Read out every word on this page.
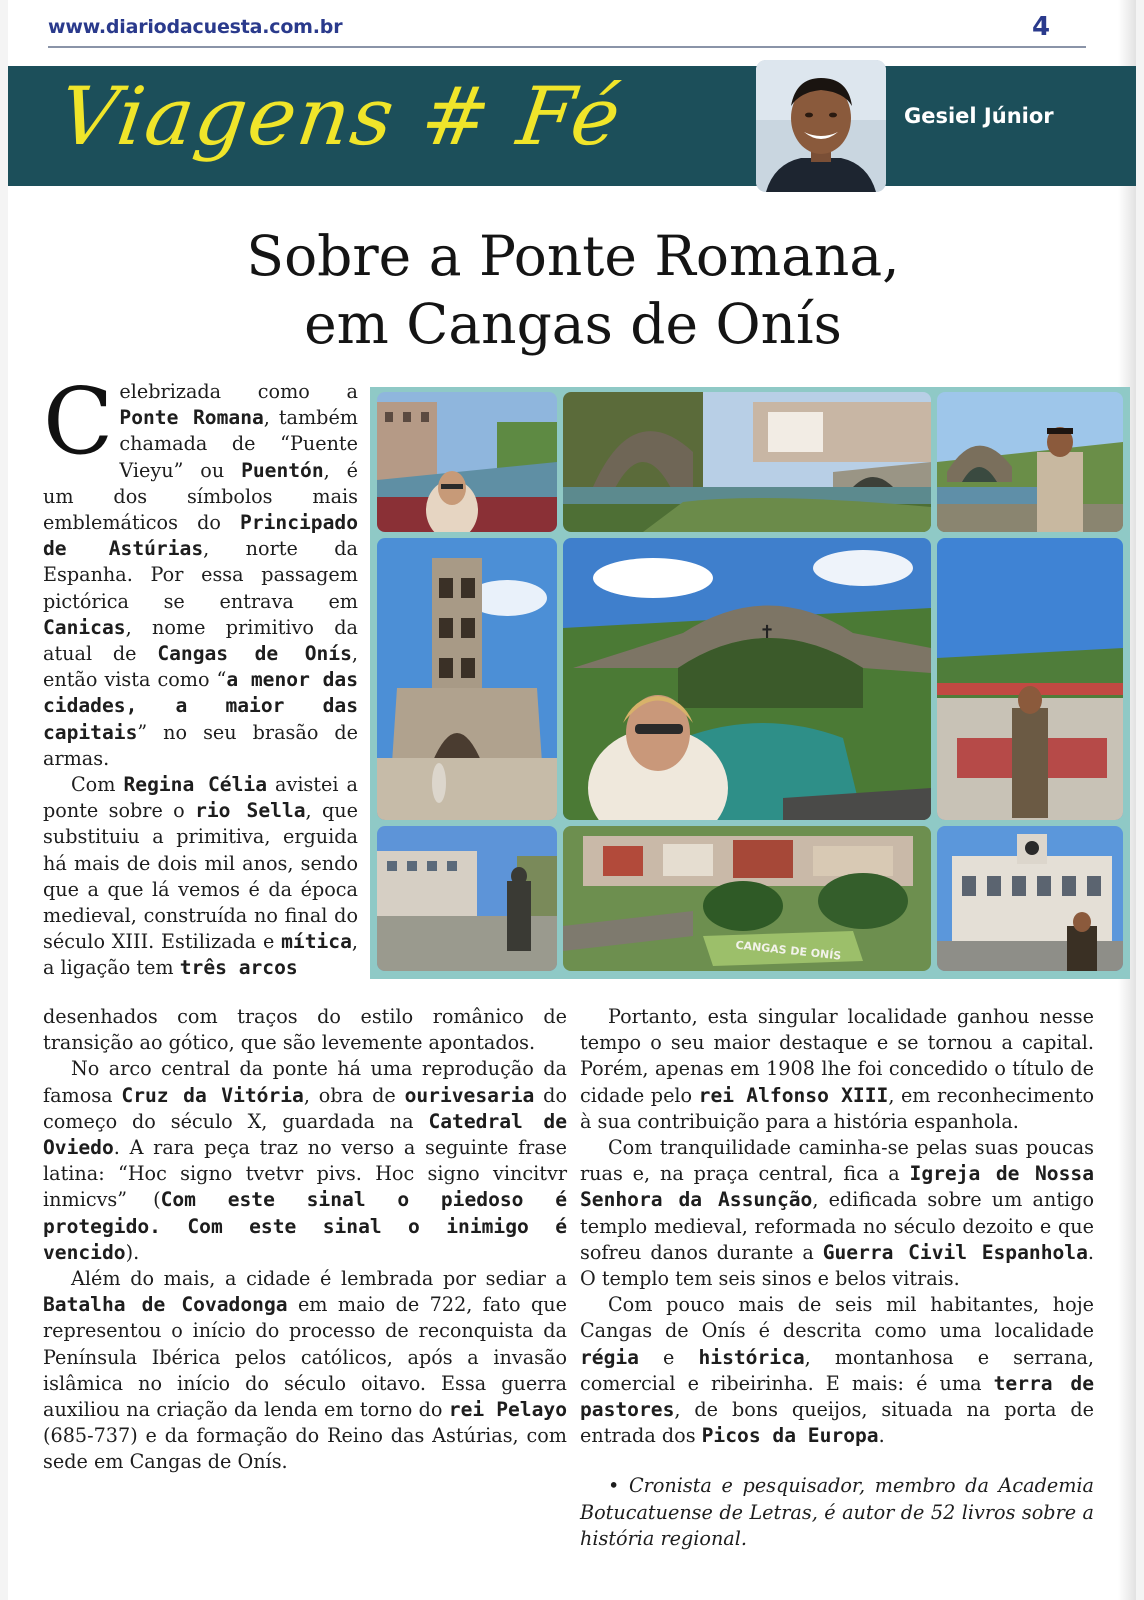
www.diariodacuesta.com.br	4
Viagens # Fé	Gesiel Júnior
Sobre a Ponte Romana,
em Cangas de Onís

Celebrizada como a Ponte Romana, também chamada de “Puente Vieyu” ou Puentón, é um dos símbolos mais emblemáticos do Principado de Astúrias, norte da Espanha. Por essa passagem pictórica se entrava em Canicas, nome primitivo da atual de Cangas de Onís, então vista como “a menor das cidades, a maior das capitais” no seu brasão de armas.

Com Regina Célia avistei a ponte sobre o rio Sella, que substituiu a primitiva, erguida há mais de dois mil anos, sendo que a que lá vemos é da época medieval, construída no final do século XIII. Estilizada e mítica, a ligação tem três arcos

desenhados com traços do estilo românico de transição ao gótico, que são levemente apontados.

No arco central da ponte há uma reprodução da famosa Cruz da Vitória, obra de ourivesaria do começo do século X, guardada na Catedral de Oviedo. A rara peça traz no verso a seguinte frase latina: “Hoc signo tvetvr pivs. Hoc signo vincitvr inmicvs” (Com este sinal o piedoso é protegido. Com este sinal o inimigo é vencido).

Além do mais, a cidade é lembrada por sediar a Batalha de Covadonga em maio de 722, fato que representou o início do processo de reconquista da Península Ibérica pelos católicos, após a invasão islâmica no início do século oitavo. Essa guerra auxiliou na criação da lenda em torno do rei Pelayo (685-737) e da formação do Reino das Astúrias, com sede em Cangas de Onís.

Portanto, esta singular localidade ganhou nesse tempo o seu maior destaque e se tornou a capital. Porém, apenas em 1908 lhe foi concedido o título de cidade pelo rei Alfonso XIII, em reconhecimento à sua contribuição para a história espanhola.

Com tranquilidade caminha-se pelas suas poucas ruas e, na praça central, fica a Igreja de Nossa Senhora da Assunção, edificada sobre um antigo templo medieval, reformada no século dezoito e que sofreu danos durante a Guerra Civil Espanhola. O templo tem seis sinos e belos vitrais.

Com pouco mais de seis mil habitantes, hoje Cangas de Onís é descrita como uma localidade régia e histórica, montanhosa e serrana, comercial e ribeirinha. E mais: é uma terra de pastores, de bons queijos, situada na porta de entrada dos Picos da Europa.

• Cronista e pesquisador, membro da Academia Botucatuense de Letras, é autor de 52 livros sobre a história regional.

✝
CANGAS DE ONÍS
